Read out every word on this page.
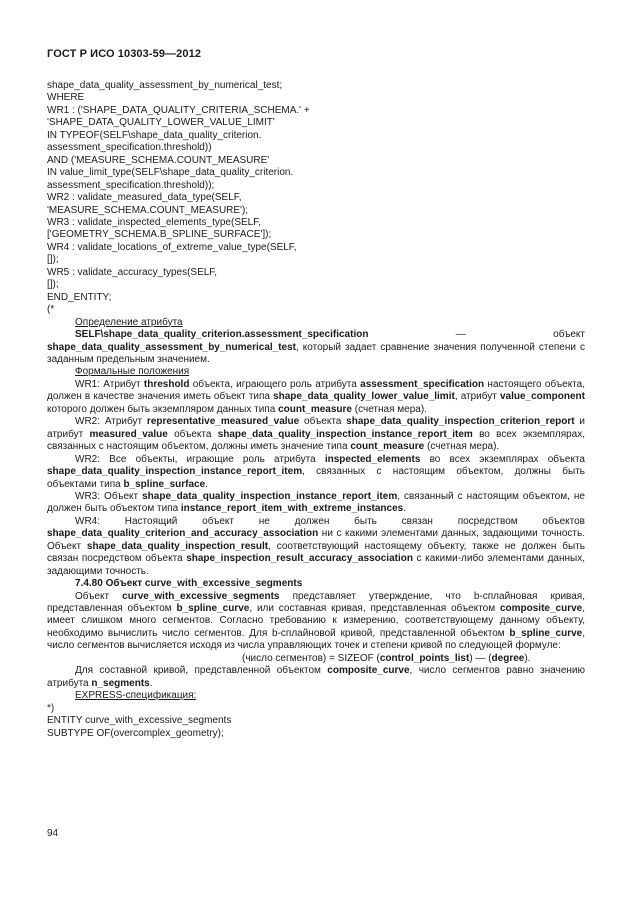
ГОСТ Р ИСО 10303-59—2012
shape_data_quality_assessment_by_numerical_test;
WHERE
WR1 : ('SHAPE_DATA_QUALITY_CRITERIA_SCHEMA.' +
'SHAPE_DATA_QUALITY_LOWER_VALUE_LIMIT'
IN TYPEOF(SELF\shape_data_quality_criterion.
assessment_specification.threshold))
AND ('MEASURE_SCHEMA.COUNT_MEASURE'
IN value_limit_type(SELF\shape_data_quality_criterion.
assessment_specification.threshold));
WR2 : validate_measured_data_type(SELF,
'MEASURE_SCHEMA.COUNT_MEASURE');
WR3 : validate_inspected_elements_type(SELF,
['GEOMETRY_SCHEMA.B_SPLINE_SURFACE']);
WR4 : validate_locations_of_extreme_value_type(SELF,
[]);
WR5 : validate_accuracy_types(SELF,
[]);
END_ENTITY;
(*
Определение атрибута
SELF\shape_data_quality_criterion.assessment_specification — объект shape_data_quality_assessment_by_numerical_test, который задает сравнение значения полученной степени с заданным предельным значением.
Формальные положения
WR1: Атрибут threshold объекта, играющего роль атрибута assessment_specification настоящего объекта, должен в качестве значения иметь объект типа shape_data_quality_lower_value_limit, атрибут value_component которого должен быть экземпляром данных типа count_measure (счетная мера).
WR2: Атрибут representative_measured_value объекта shape_data_quality_inspection_criterion_report и атрибут measured_value объекта shape_data_quality_inspection_instance_report_item во всех экземплярах, связанных с настоящим объектом, должны иметь значение типа count_measure (счетная мера).
WR2: Все объекты, играющие роль атрибута inspected_elements во всех экземплярах объекта shape_data_quality_inspection_instance_report_item, связанных с настоящим объектом, должны быть объектами типа b_spline_surface.
WR3: Объект shape_data_quality_inspection_instance_report_item, связанный с настоящим объектом, не должен быть объектом типа instance_report_item_with_extreme_instances.
WR4: Настоящий объект не должен быть связан посредством объектов shape_data_quality_criterion_and_accuracy_association ни с какими элементами данных, задающими точность. Объект shape_data_quality_inspection_result, соответствующий настоящему объекту, также не должен быть связан посредством объекта shape_inspection_result_accuracy_association с какими-либо элементами данных, задающими точность.
7.4.80 Объект curve_with_excessive_segments
Объект curve_with_excessive_segments представляет утверждение, что b-сплайновая кривая, представленная объектом b_spline_curve, или составная кривая, представленная объектом composite_curve, имеет слишком много сегментов. Согласно требованию к измерению, соответствующему данному объекту, необходимо вычислить число сегментов. Для b-сплайновой кривой, представленной объектом b_spline_curve, число сегментов вычисляется исходя из числа управляющих точек и степени кривой по следующей формуле:
(число сегментов) = SIZEOF (control_points_list) — (degree).
Для составной кривой, представленной объектом composite_curve, число сегментов равно значению атрибута n_segments.
EXPRESS-спецификация:
*)
ENTITY curve_with_excessive_segments
SUBTYPE OF(overcomplex_geometry);
94
